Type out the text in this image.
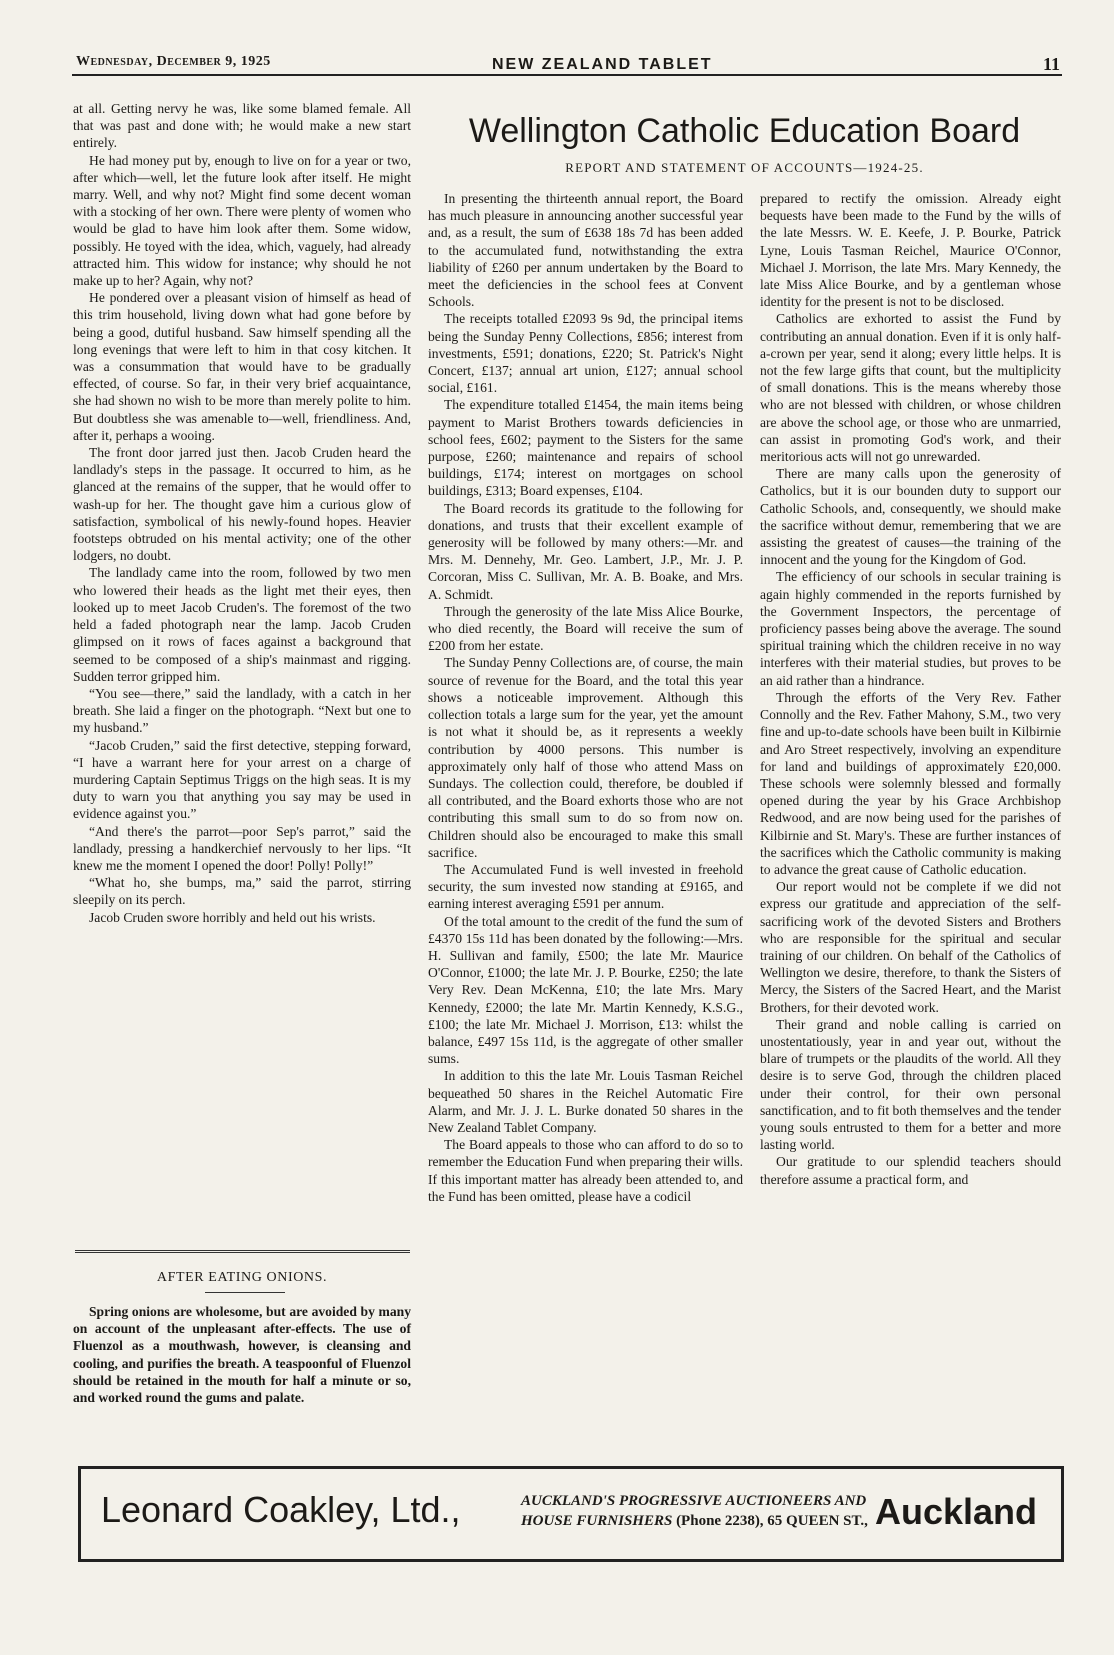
Wednesday, December 9, 1925	NEW ZEALAND TABLET	11

at all. Getting nervy he was, like some blamed female. All that was past and done with; he would make a new start entirely.

He had money put by, enough to live on for a year or two, after which—well, let the future look after itself. He might marry. Well, and why not? Might find some decent woman with a stocking of her own. There were plenty of women who would be glad to have him look after them. Some widow, possibly. He toyed with the idea, which, vaguely, had already attracted him. This widow for instance; why should he not make up to her? Again, why not?

He pondered over a pleasant vision of himself as head of this trim household, living down what had gone before by being a good, dutiful husband. Saw himself spending all the long evenings that were left to him in that cosy kitchen. It was a consummation that would have to be gradually effected, of course. So far, in their very brief acquaintance, she had shown no wish to be more than merely polite to him. But doubtless she was amenable to—well, friendliness. And, after it, perhaps a wooing.

The front door jarred just then. Jacob Cruden heard the landlady's steps in the passage. It occurred to him, as he glanced at the remains of the supper, that he would offer to wash-up for her. The thought gave him a curious glow of satisfaction, symbolical of his newly-found hopes. Heavier footsteps obtruded on his mental activity; one of the other lodgers, no doubt.

The landlady came into the room, followed by two men who lowered their heads as the light met their eyes, then looked up to meet Jacob Cruden's. The foremost of the two held a faded photograph near the lamp. Jacob Cruden glimpsed on it rows of faces against a background that seemed to be composed of a ship's mainmast and rigging. Sudden terror gripped him.

“You see—there,” said the landlady, with a catch in her breath. She laid a finger on the photograph. “Next but one to my husband.”

“Jacob Cruden,” said the first detective, stepping forward, “I have a warrant here for your arrest on a charge of murdering Captain Septimus Triggs on the high seas. It is my duty to warn you that anything you say may be used in evidence against you.”

“And there's the parrot—poor Sep's parrot,” said the landlady, pressing a handkerchief nervously to her lips. “It knew me the moment I opened the door! Polly! Polly!”

“What ho, she bumps, ma,” said the parrot, stirring sleepily on its perch.

Jacob Cruden swore horribly and held out his wrists.

AFTER EATING ONIONS.

Spring onions are wholesome, but are avoided by many on account of the unpleasant after-effects. The use of Fluenzol as a mouthwash, however, is cleansing and cooling, and purifies the breath. A teaspoonful of Fluenzol should be retained in the mouth for half a minute or so, and worked round the gums and palate.

Wellington Catholic Education Board
REPORT AND STATEMENT OF ACCOUNTS—1924-25.

In presenting the thirteenth annual report, the Board has much pleasure in announcing another successful year and, as a result, the sum of £638 18s 7d has been added to the accumulated fund, notwithstanding the extra liability of £260 per annum undertaken by the Board to meet the deficiencies in the school fees at Convent Schools.

The receipts totalled £2093 9s 9d, the principal items being the Sunday Penny Collections, £856; interest from investments, £591; donations, £220; St. Patrick's Night Concert, £137; annual art union, £127; annual school social, £161.

The expenditure totalled £1454, the main items being payment to Marist Brothers towards deficiencies in school fees, £602; payment to the Sisters for the same purpose, £260; maintenance and repairs of school buildings, £174; interest on mortgages on school buildings, £313; Board expenses, £104.

The Board records its gratitude to the following for donations, and trusts that their excellent example of generosity will be followed by many others:—Mr. and Mrs. M. Dennehy, Mr. Geo. Lambert, J.P., Mr. J. P. Corcoran, Miss C. Sullivan, Mr. A. B. Boake, and Mrs. A. Schmidt.

Through the generosity of the late Miss Alice Bourke, who died recently, the Board will receive the sum of £200 from her estate.

The Sunday Penny Collections are, of course, the main source of revenue for the Board, and the total this year shows a noticeable improvement. Although this collection totals a large sum for the year, yet the amount is not what it should be, as it represents a weekly contribution by 4000 persons. This number is approximately only half of those who attend Mass on Sundays. The collection could, therefore, be doubled if all contributed, and the Board exhorts those who are not contributing this small sum to do so from now on. Children should also be encouraged to make this small sacrifice.

The Accumulated Fund is well invested in freehold security, the sum invested now standing at £9165, and earning interest averaging £591 per annum.

Of the total amount to the credit of the fund the sum of £4370 15s 11d has been donated by the following:—Mrs. H. Sullivan and family, £500; the late Mr. Maurice O'Connor, £1000; the late Mr. J. P. Bourke, £250; the late Very Rev. Dean McKenna, £10; the late Mrs. Mary Kennedy, £2000; the late Mr. Martin Kennedy, K.S.G., £100; the late Mr. Michael J. Morrison, £13: whilst the balance, £497 15s 11d, is the aggregate of other smaller sums.

In addition to this the late Mr. Louis Tasman Reichel bequeathed 50 shares in the Reichel Automatic Fire Alarm, and Mr. J. J. L. Burke donated 50 shares in the New Zealand Tablet Company.

The Board appeals to those who can afford to do so to remember the Education Fund when preparing their wills. If this important matter has already been attended to, and the Fund has been omitted, please have a codicil

prepared to rectify the omission. Already eight bequests have been made to the Fund by the wills of the late Messrs. W. E. Keefe, J. P. Bourke, Patrick Lyne, Louis Tasman Reichel, Maurice O'Connor, Michael J. Morrison, the late Mrs. Mary Kennedy, the late Miss Alice Bourke, and by a gentleman whose identity for the present is not to be disclosed.

Catholics are exhorted to assist the Fund by contributing an annual donation. Even if it is only half-a-crown per year, send it along; every little helps. It is not the few large gifts that count, but the multiplicity of small donations. This is the means whereby those who are not blessed with children, or whose children are above the school age, or those who are unmarried, can assist in promoting God's work, and their meritorious acts will not go unrewarded.

There are many calls upon the generosity of Catholics, but it is our bounden duty to support our Catholic Schools, and, consequently, we should make the sacrifice without demur, remembering that we are assisting the greatest of causes—the training of the innocent and the young for the Kingdom of God.

The efficiency of our schools in secular training is again highly commended in the reports furnished by the Government Inspectors, the percentage of proficiency passes being above the average. The sound spiritual training which the children receive in no way interferes with their material studies, but proves to be an aid rather than a hindrance.

Through the efforts of the Very Rev. Father Connolly and the Rev. Father Mahony, S.M., two very fine and up-to-date schools have been built in Kilbirnie and Aro Street respectively, involving an expenditure for land and buildings of approximately £20,000. These schools were solemnly blessed and formally opened during the year by his Grace Archbishop Redwood, and are now being used for the parishes of Kilbirnie and St. Mary's. These are further instances of the sacrifices which the Catholic community is making to advance the great cause of Catholic education.

Our report would not be complete if we did not express our gratitude and appreciation of the self-sacrificing work of the devoted Sisters and Brothers who are responsible for the spiritual and secular training of our children. On behalf of the Catholics of Wellington we desire, therefore, to thank the Sisters of Mercy, the Sisters of the Sacred Heart, and the Marist Brothers, for their devoted work.

Their grand and noble calling is carried on unostentatiously, year in and year out, without the blare of trumpets or the plaudits of the world. All they desire is to serve God, through the children placed under their control, for their own personal sanctification, and to fit both themselves and the tender young souls entrusted to them for a better and more lasting world.

Our gratitude to our splendid teachers should therefore assume a practical form, and

Leonard Coakley, Ltd.,	AUCKLAND'S PROGRESSIVE AUCTIONEERS AND
HOUSE FURNISHERS (Phone 2238), 65 QUEEN ST., Auckland
